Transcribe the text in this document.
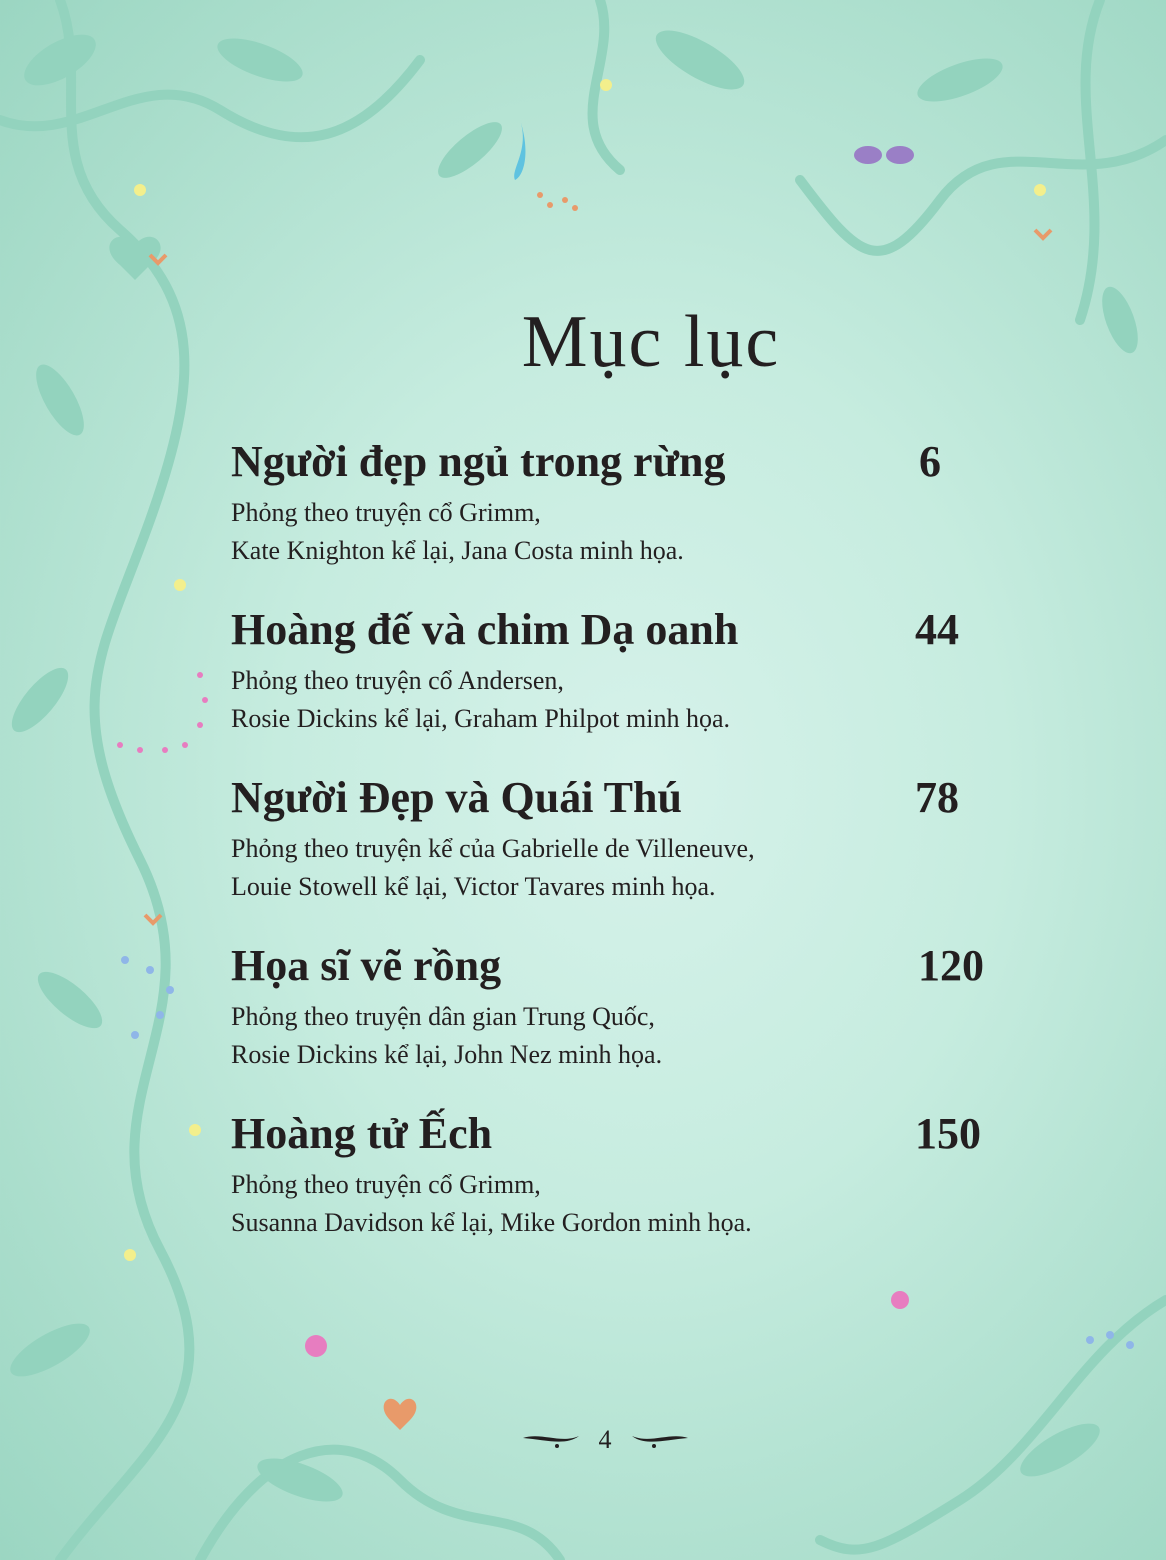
Mục lục
Người đẹp ngủ trong rừng	6
Phỏng theo truyện cổ Grimm,
Kate Knighton kể lại, Jana Costa minh họa.
Hoàng đế và chim Dạ oanh	44
Phỏng theo truyện cổ Andersen,
Rosie Dickins kể lại, Graham Philpot minh họa.
Người Đẹp và Quái Thú	78
Phỏng theo truyện kể của Gabrielle de Villeneuve,
Louie Stowell kể lại, Victor Tavares minh họa.
Họa sĩ vẽ rồng	120
Phỏng theo truyện dân gian Trung Quốc,
Rosie Dickins kể lại, John Nez minh họa.
Hoàng tử Ếch	150
Phỏng theo truyện cổ Grimm,
Susanna Davidson kể lại, Mike Gordon minh họa.
4
